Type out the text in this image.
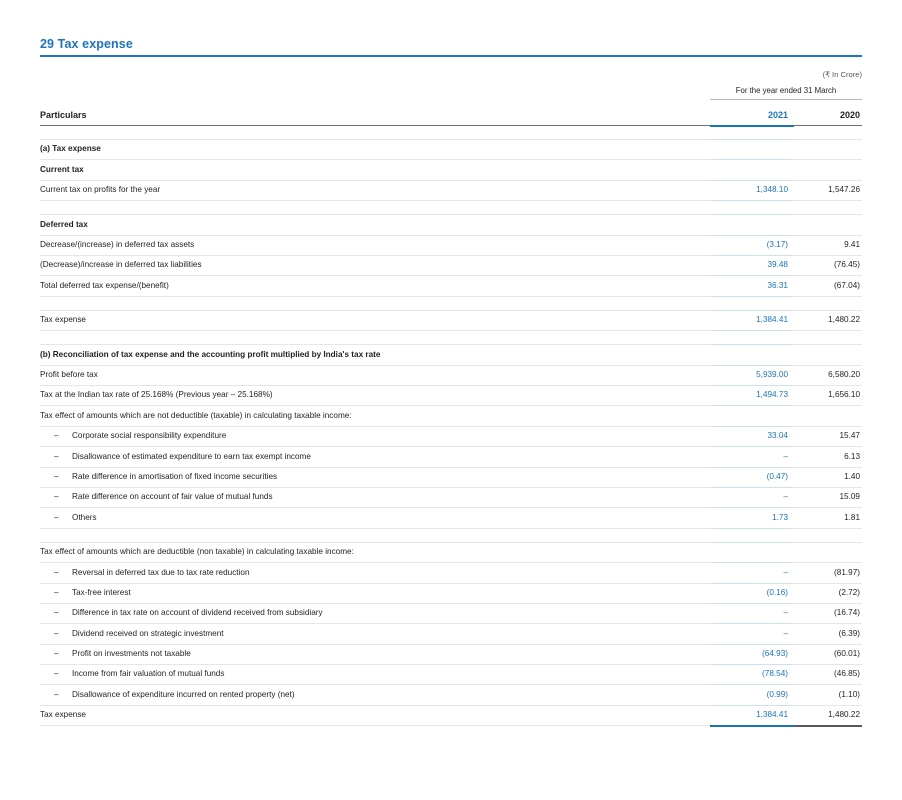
29 Tax expense
(₹ In Crore)
	For the year ended 31 March	
Particulars	2021	2020

(a) Tax expense		
Current tax		
Current tax on profits for the year	1,348.10	1,547.26

Deferred tax		
Decrease/(increase) in deferred tax assets	(3.17)	9.41
(Decrease)/increase in deferred tax liabilities	39.48	(76.45)
Total deferred tax expense/(benefit)	36.31	(67.04)

Tax expense	1,384.41	1,480.22

(b) Reconciliation of tax expense and the accounting profit multiplied by India's tax rate		
Profit before tax	5,939.00	6,580.20
Tax at the Indian tax rate of 25.168% (Previous year – 25.168%)	1,494.73	1,656.10
Tax effect of amounts which are not deductible (taxable) in calculating taxable income:		
– Corporate social responsibility expenditure	33.04	15.47
– Disallowance of estimated expenditure to earn tax exempt income	–	6.13
– Rate difference in amortisation of fixed income securities	(0.47)	1.40
– Rate difference on account of fair value of mutual funds	–	15.09
– Others	1.73	1.81

Tax effect of amounts which are deductible (non taxable) in calculating taxable income:		
– Reversal in deferred tax due to tax rate reduction	–	(81.97)
– Tax-free interest	(0.16)	(2.72)
– Difference in tax rate on account of dividend received from subsidiary	–	(16.74)
– Dividend received on strategic investment	–	(6.39)
– Profit on investments not taxable	(64.93)	(60.01)
– Income from fair valuation of mutual funds	(78.54)	(46.85)
– Disallowance of expenditure incurred on rented property (net)	(0.99)	(1.10)
Tax expense	1,384.41	1,480.22
